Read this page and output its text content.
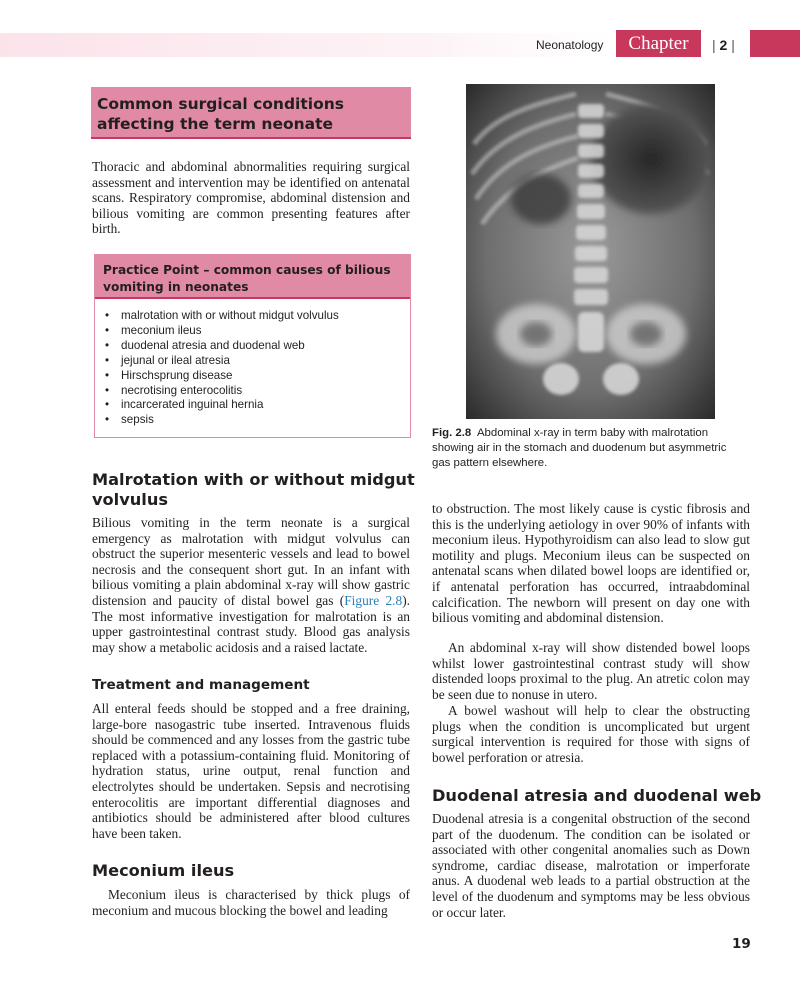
Neonatology	Chapter	| 2 |
Common surgical conditions
affecting the term neonate

Thoracic and abdominal abnormalities requiring surgical assessment and intervention may be identified on antenatal scans. Respiratory compromise, abdominal distension and bilious vomiting are common presenting features after birth.

Practice Point – common causes of bilious
vomiting in neonates
• malrotation with or without midgut volvulus
• meconium ileus
• duodenal atresia and duodenal web
• jejunal or ileal atresia
• Hirschsprung disease
• necrotising enterocolitis
• incarcerated inguinal hernia
• sepsis
Malrotation with or without midgut
volvulus

Bilious vomiting in the term neonate is a surgical emergency as malrotation with midgut volvulus can obstruct the superior mesenteric vessels and lead to bowel necrosis and the consequent short gut. In an infant with bilious vomiting a plain abdominal x-ray will show gastric distension and paucity of distal bowel gas (Figure 2.8). The most informative investigation for malrotation is an upper gastrointestinal contrast study. Blood gas analysis may show a metabolic acidosis and a raised lactate.

Treatment and management

All enteral feeds should be stopped and a free draining, large-bore nasogastric tube inserted. Intravenous fluids should be commenced and any losses from the gastric tube replaced with a potassium-containing fluid. Monitoring of hydration status, urine output, renal function and electrolytes should be undertaken. Sepsis and necrotising enterocolitis are important differential diagnoses and antibiotics should be administered after blood cultures have been taken.

Meconium ileus

Meconium ileus is characterised by thick plugs of meconium and mucous blocking the bowel and leading

Fig. 2.8 Abdominal x-ray in term baby with malrotation showing air in the stomach and duodenum but asymmetric gas pattern elsewhere.

to obstruction. The most likely cause is cystic fibrosis and this is the underlying aetiology in over 90% of infants with meconium ileus. Hypothyroidism can also lead to slow gut motility and plugs. Meconium ileus can be suspected on antenatal scans when dilated bowel loops are identified or, if antenatal perforation has occurred, intraabdominal calcification. The newborn will present on day one with bilious vomiting and abdominal distension.

An abdominal x-ray will show distended bowel loops whilst lower gastrointestinal contrast study will show distended loops proximal to the plug. An atretic colon may be seen due to nonuse in utero.

A bowel washout will help to clear the obstructing plugs when the condition is uncomplicated but urgent surgical intervention is required for those with signs of bowel perforation or atresia.

Duodenal atresia and duodenal web

Duodenal atresia is a congenital obstruction of the second part of the duodenum. The condition can be isolated or associated with other congenital anomalies such as Down syndrome, cardiac disease, malrotation or imperforate anus. A duodenal web leads to a partial obstruction at the level of the duodenum and symptoms may be less obvious or occur later.

19
